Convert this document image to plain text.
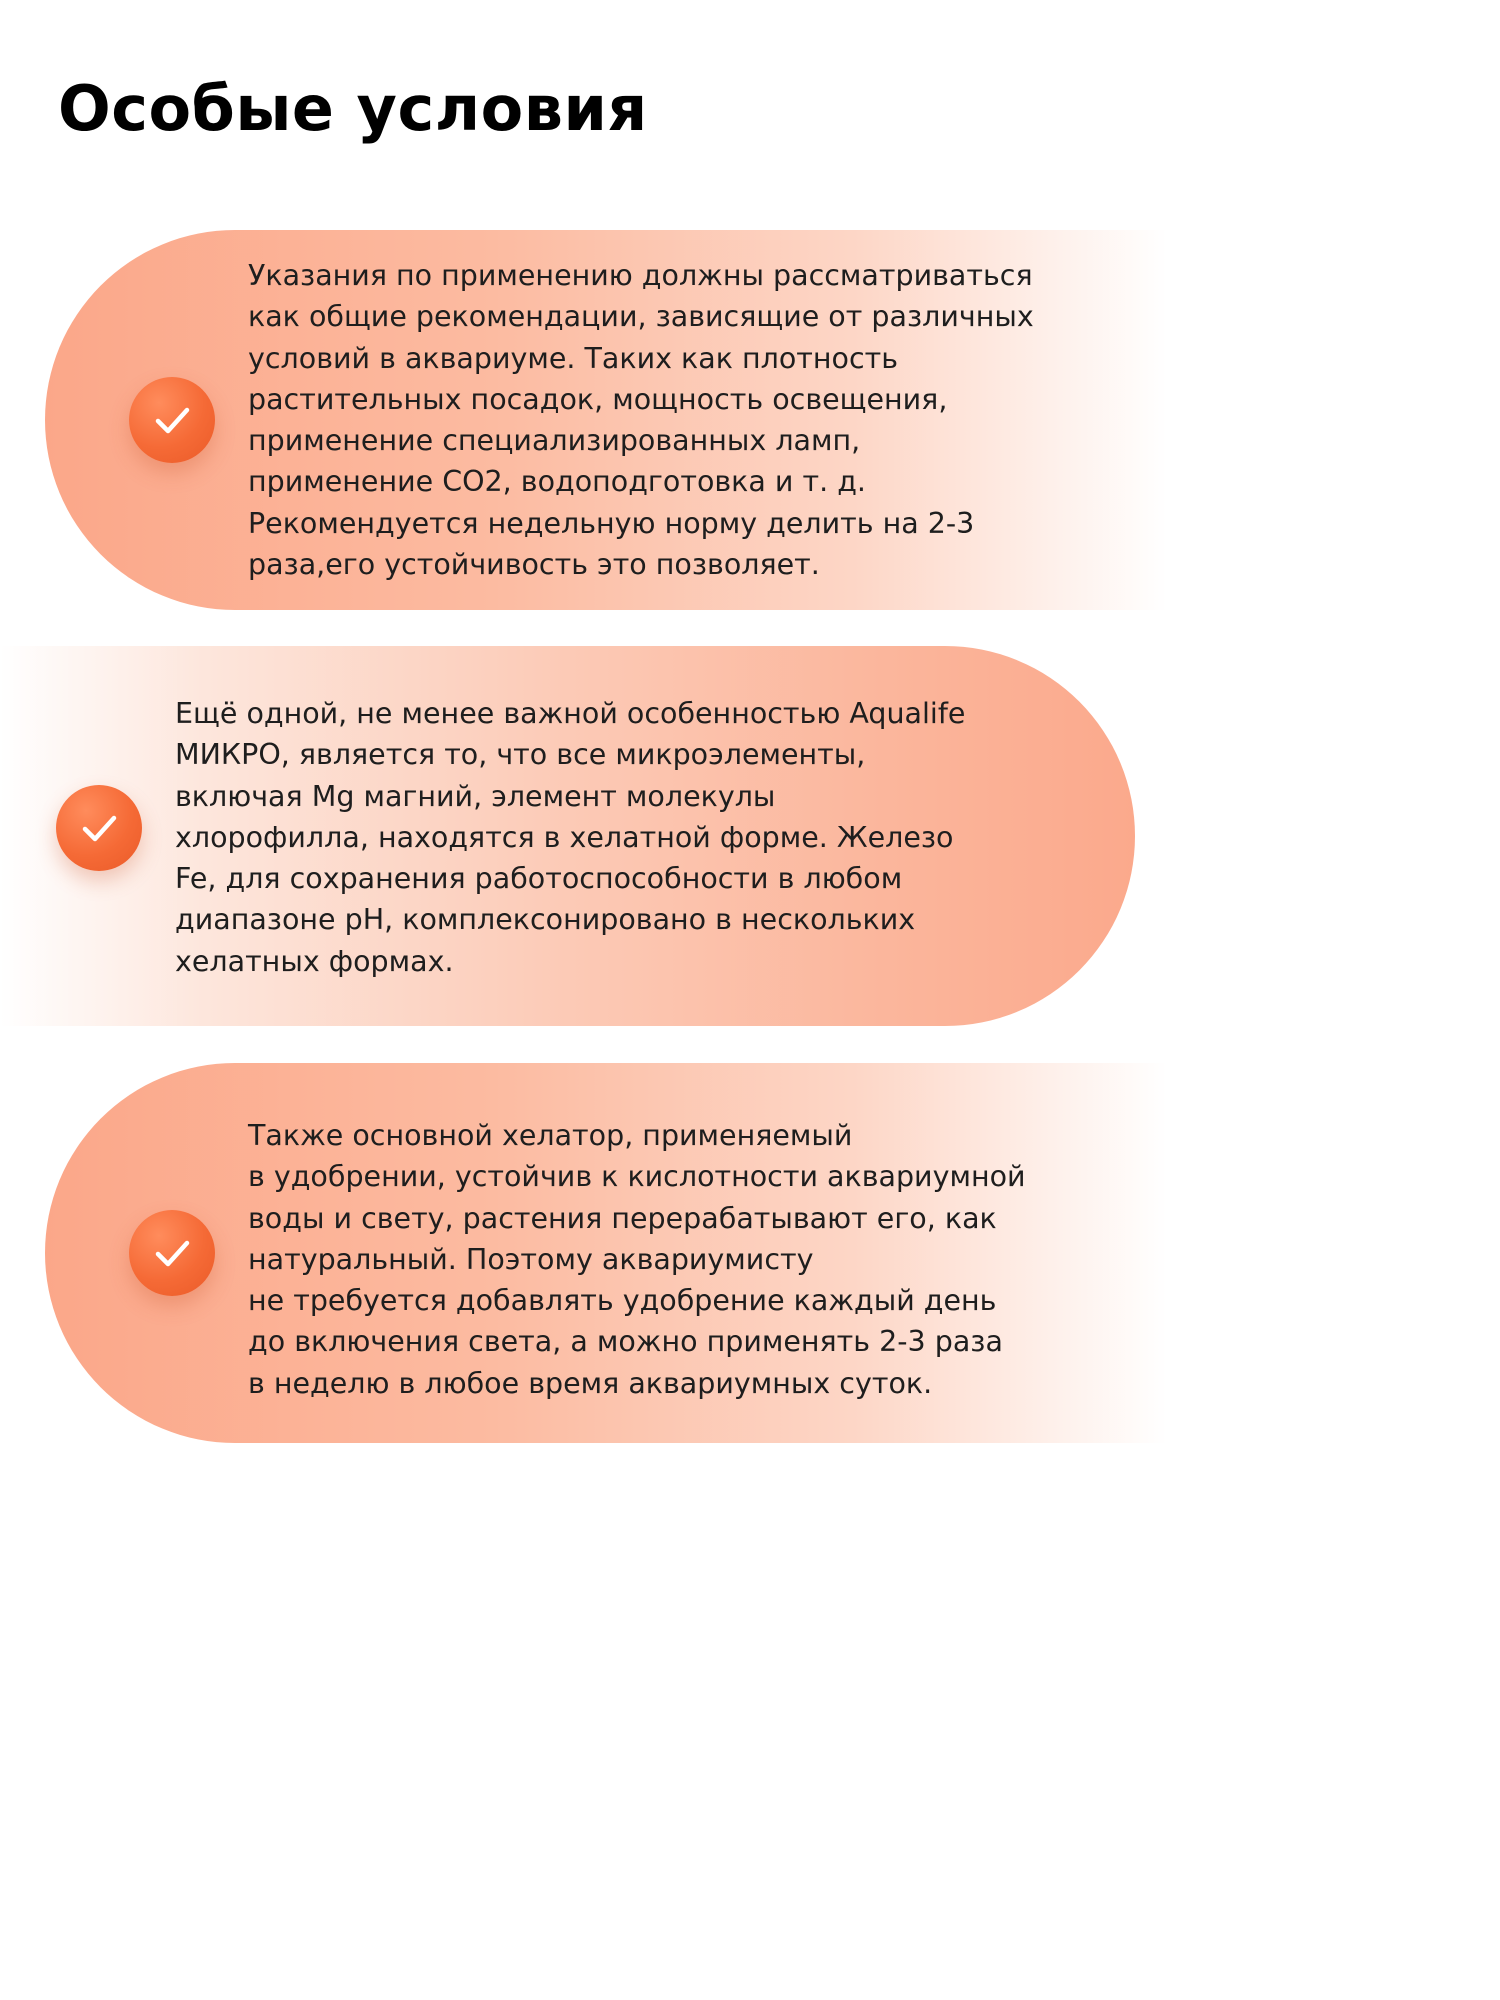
Особые условия

Указания по применению должны рассматриваться
как общие рекомендации, зависящие от различных
условий в аквариуме. Таких как плотность
растительных посадок, мощность освещения,
применение специализированных ламп,
применение CO2, водоподготовка и т. д.
Рекомендуется недельную норму делить на 2-3
раза,его устойчивость это позволяет.

Ещё одной, не менее важной особенностью Aqualife
МИКРО, является то, что все микроэлементы,
включая Mg магний, элемент молекулы
хлорофилла, находятся в хелатной форме. Железо
Fe, для сохранения работоспособности в любом
диапазоне pH, комплексонировано в нескольких
хелатных формах.

Также основной хелатор, применяемый
в удобрении, устойчив к кислотности аквариумной
воды и свету, растения перерабатывают его, как
натуральный. Поэтому аквариумисту
не требуется добавлять удобрение каждый день
до включения света, а можно применять 2-3 раза
в неделю в любое время аквариумных суток.
